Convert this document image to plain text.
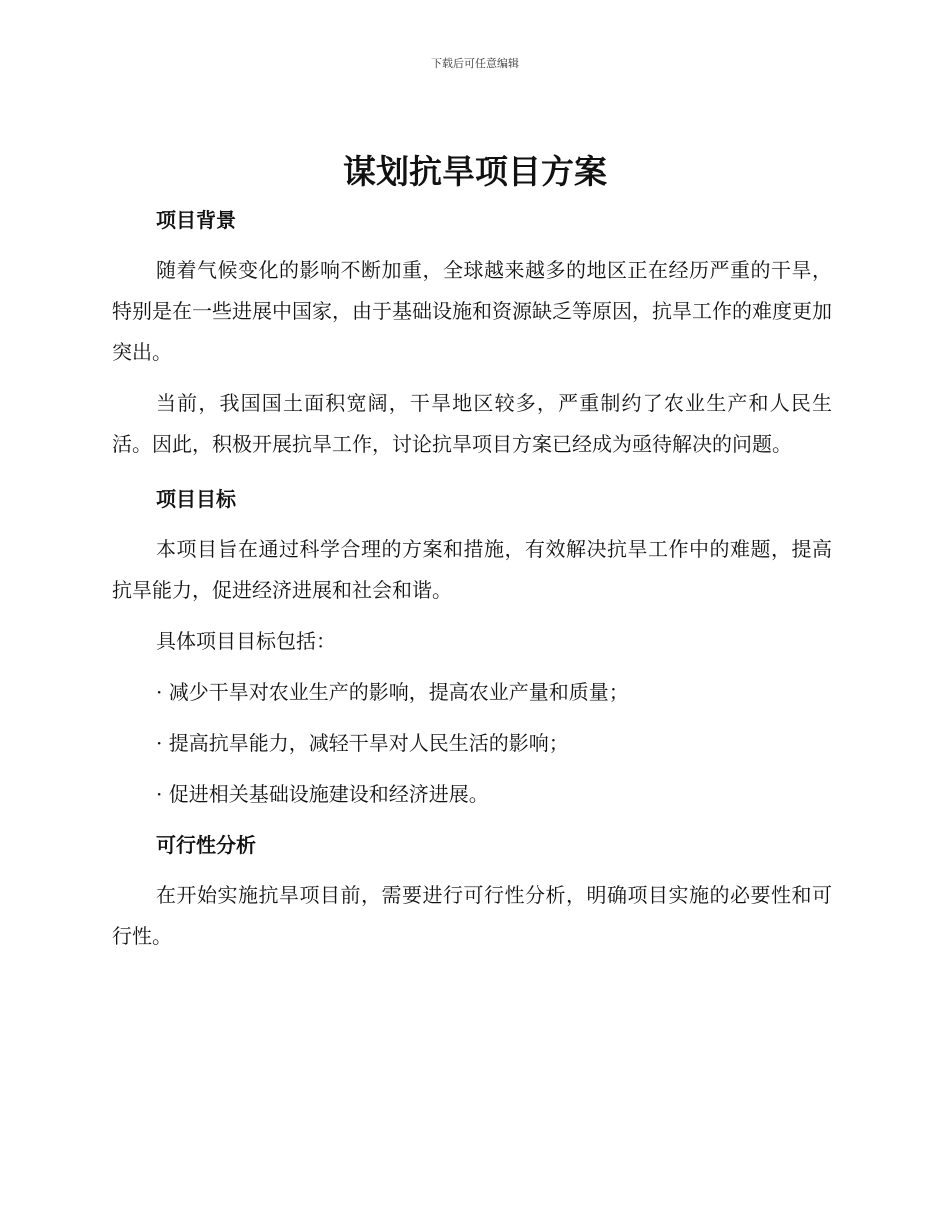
下载后可任意编辑
谋划抗旱项目方案
项目背景

随着气候变化的影响不断加重，全球越来越多的地区正在经历严重的干旱，特别是在一些进展中国家，由于基础设施和资源缺乏等原因，抗旱工作的难度更加突出。

当前，我国国土面积宽阔，干旱地区较多，严重制约了农业生产和人民生活。因此，积极开展抗旱工作，讨论抗旱项目方案已经成为亟待解决的问题。

项目目标

本项目旨在通过科学合理的方案和措施，有效解决抗旱工作中的难题，提高抗旱能力，促进经济进展和社会和谐。

具体项目目标包括：

· 减少干旱对农业生产的影响，提高农业产量和质量；

· 提高抗旱能力，减轻干旱对人民生活的影响；

· 促进相关基础设施建设和经济进展。

可行性分析

在开始实施抗旱项目前，需要进行可行性分析，明确项目实施的必要性和可行性。
